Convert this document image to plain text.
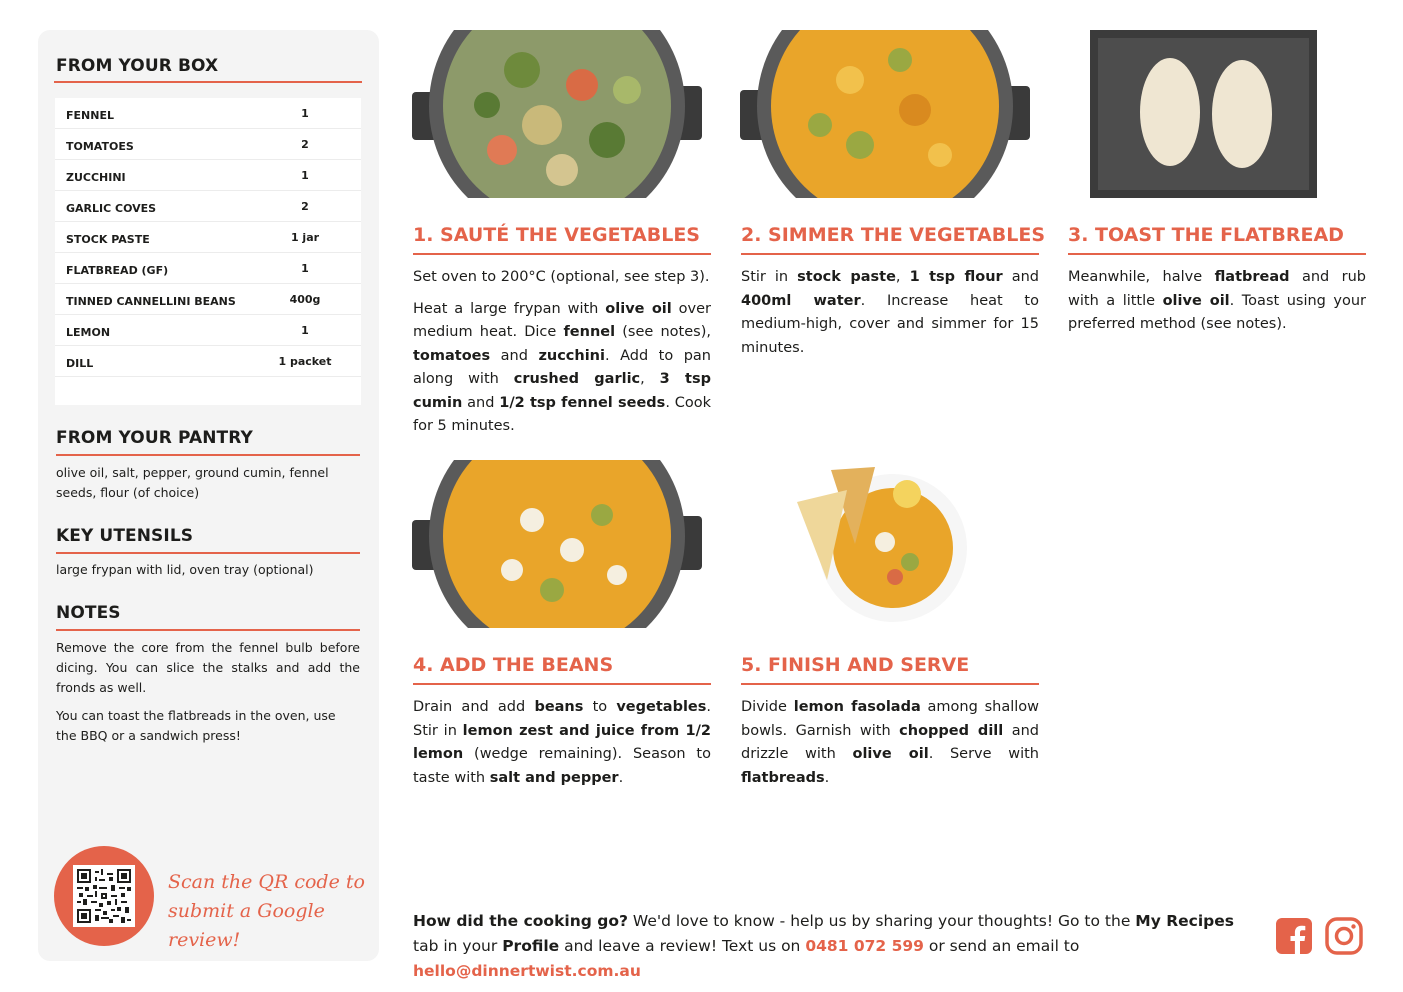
FROM YOUR BOX
FENNEL	1
TOMATOES	2
ZUCCHINI	1
GARLIC COVES	2
STOCK PASTE	1 jar
FLATBREAD (GF)	1
TINNED CANNELLINI BEANS	400g
LEMON	1
DILL	1 packet
FROM YOUR PANTRY
olive oil, salt, pepper, ground cumin, fennel seeds, flour (of choice)
KEY UTENSILS
large frypan with lid, oven tray (optional)
NOTES
Remove the core from the fennel bulb before dicing. You can slice the stalks and add the fronds as well.
You can toast the flatbreads in the oven, use the BBQ or a sandwich press!
Scan the QR code to
submit a Google review!
1. SAUTÉ THE VEGETABLES

Set oven to 200°C (optional, see step 3).

Heat a large frypan with olive oil over medium heat. Dice fennel (see notes), tomatoes and zucchini. Add to pan along with crushed garlic, 3 tsp cumin and 1/2 tsp fennel seeds. Cook for 5 minutes.

2. SIMMER THE VEGETABLES

Stir in stock paste, 1 tsp flour and 400ml water. Increase heat to medium-high, cover and simmer for 15 minutes.

3. TOAST THE FLATBREAD

Meanwhile, halve flatbread and rub with a little olive oil. Toast using your preferred method (see notes).

4. ADD THE BEANS

Drain and add beans to vegetables. Stir in lemon zest and juice from 1/2 lemon (wedge remaining). Season to taste with salt and pepper.

5. FINISH AND SERVE

Divide lemon fasolada among shallow bowls. Garnish with chopped dill and drizzle with olive oil. Serve with flatbreads.

How did the cooking go? We'd love to know - help us by sharing your thoughts! Go to the My Recipes tab in your Profile and leave a review! Text us on 0481 072 599 or send an email to hello@dinnertwist.com.au
